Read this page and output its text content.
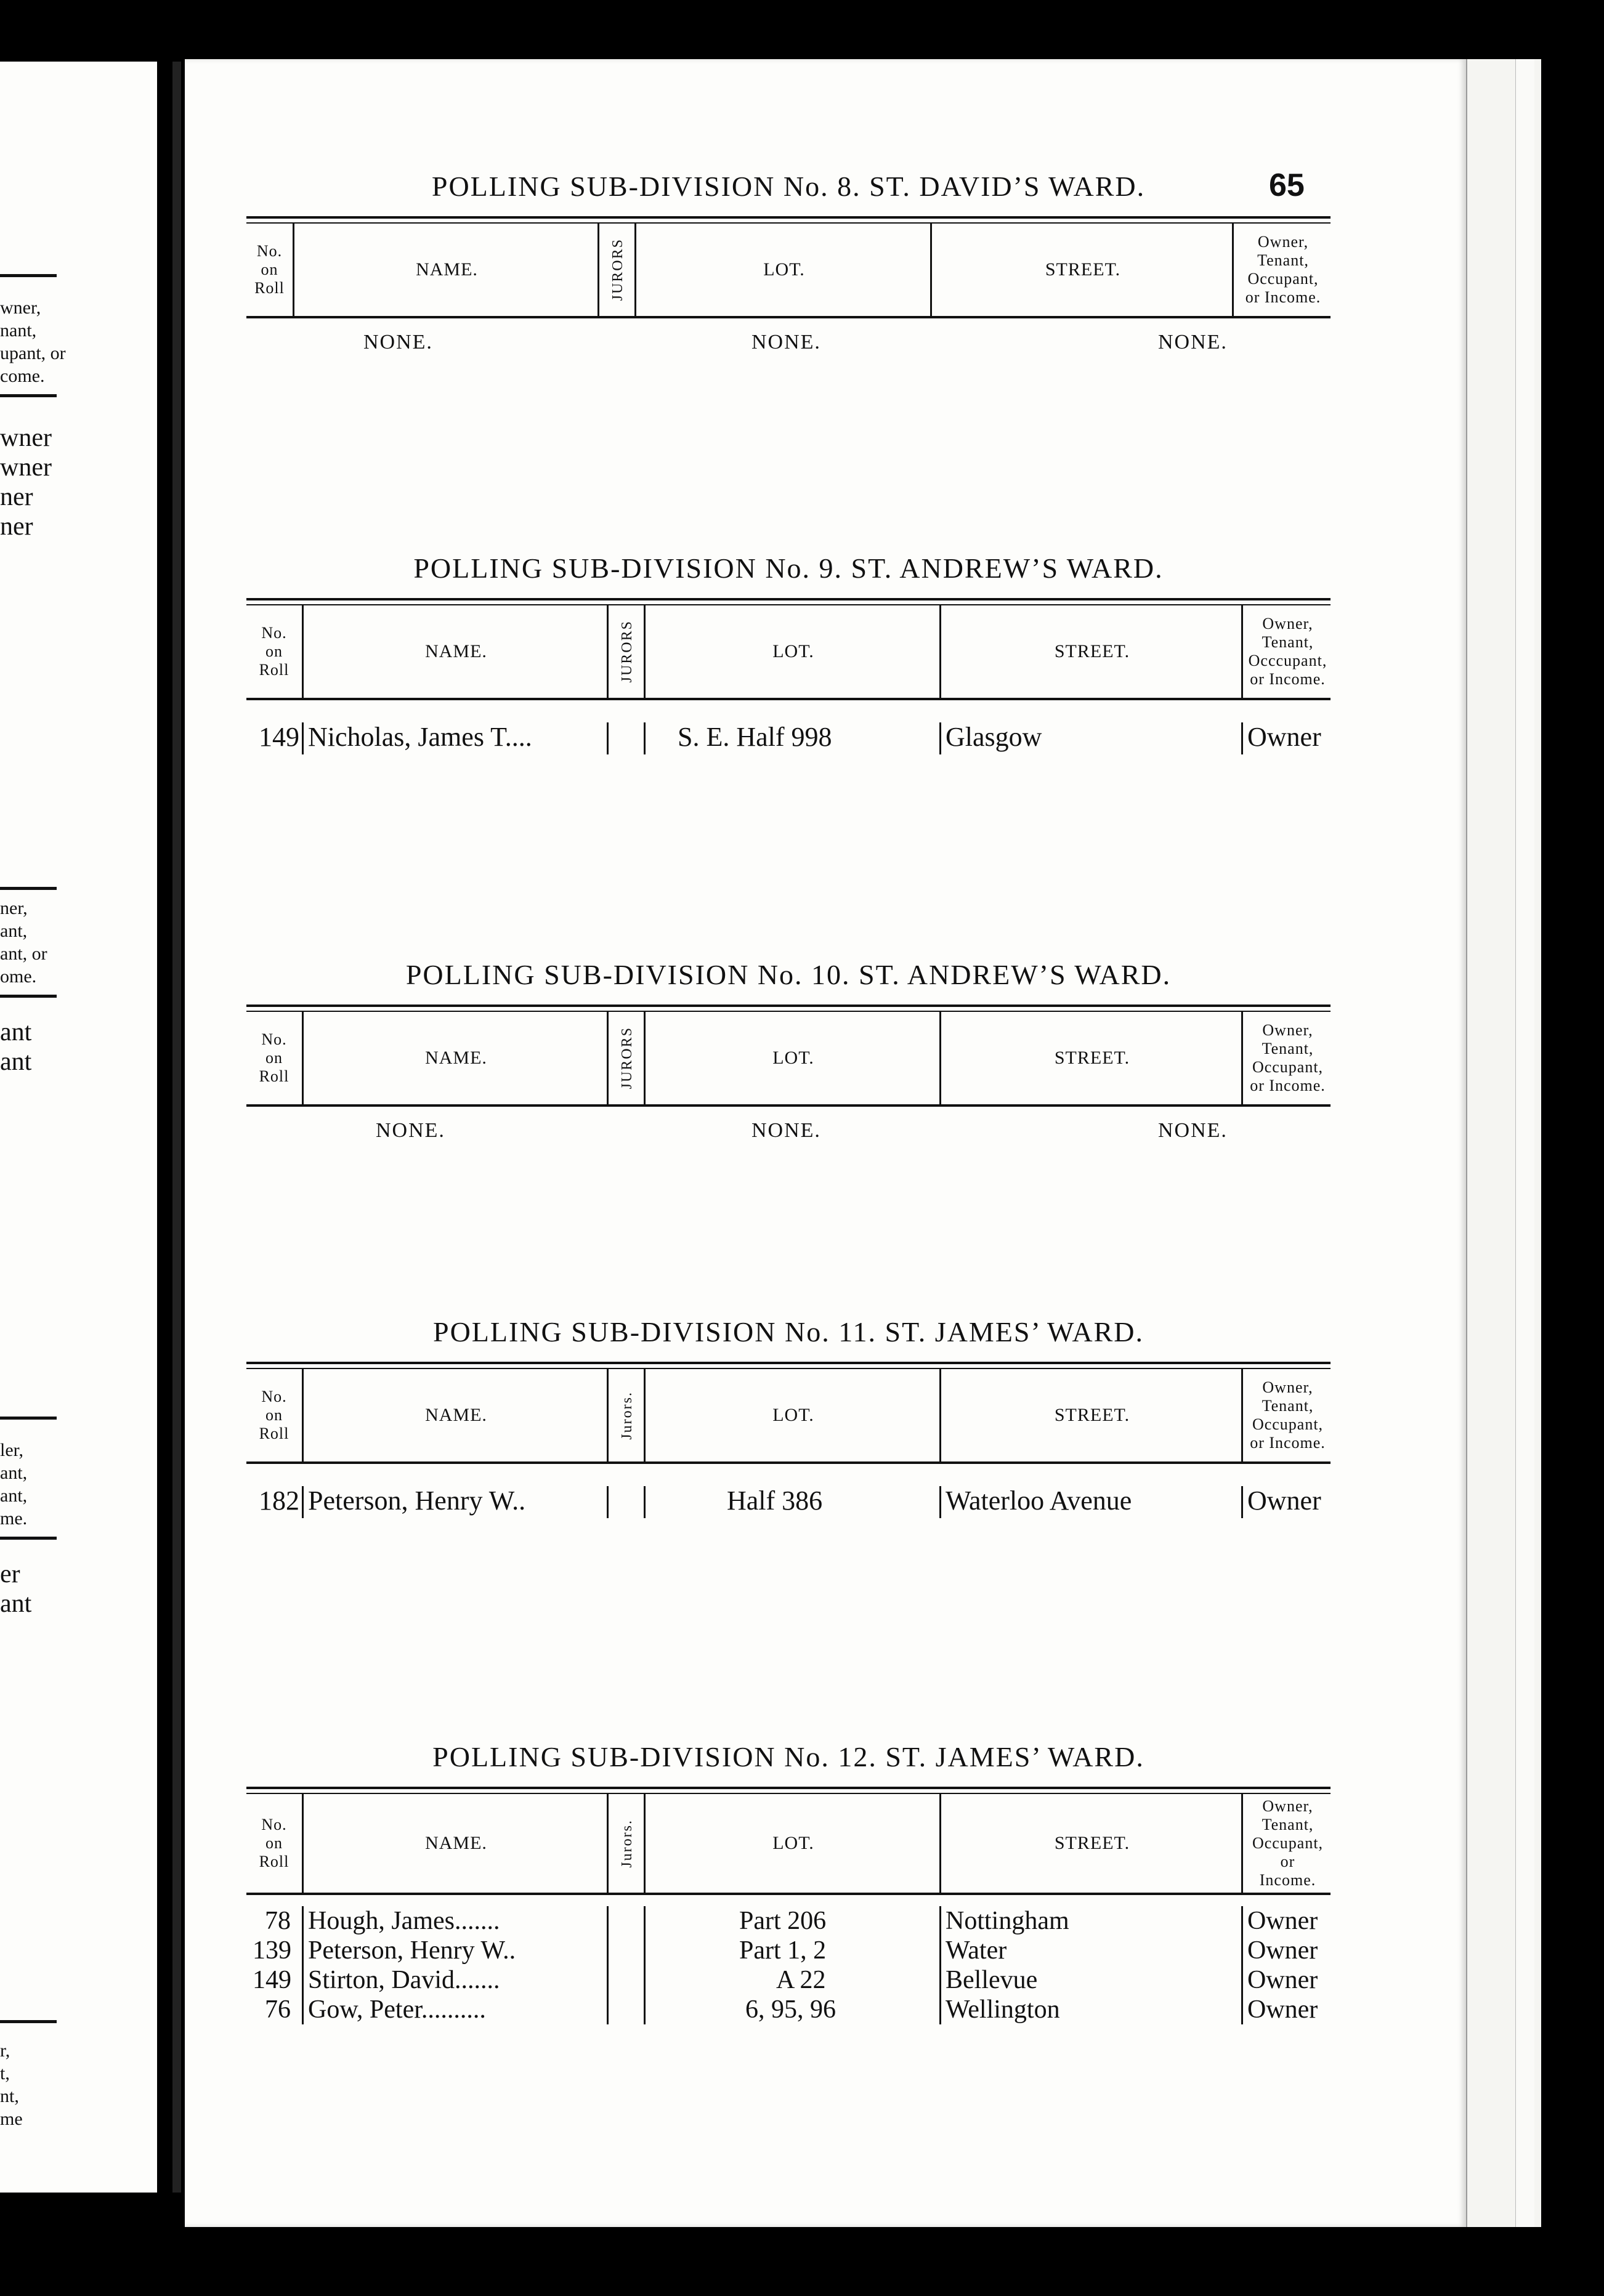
wner,
nant,
upant, or
come.
wner
wner
ner
ner
ner,
ant,
ant, or
ome.
ant
ant
ler,
ant,
ant,
me.
er
ant
r,
t,
nt,
me
65
POLLING SUB-DIVISION No. 8. ST. DAVID’S WARD.
No.
on
Roll
NAME.	JURORS	LOT.	STREET.
Owner,
Tenant,
Occupant,
or Income.
NONE.	NONE.	NONE.
POLLING SUB-DIVISION No. 9. ST. ANDREW’S WARD.
No.
on
Roll
NAME.	JURORS	LOT.	STREET.
Owner,
Tenant,
Occcupant,
or Income.
149 Nicholas, James T....	S. E. Half 998	Glasgow	Owner
POLLING SUB-DIVISION No. 10. ST. ANDREW’S WARD.
No.
on
Roll
NAME.	JURORS	LOT.	STREET.
Owner,
Tenant,
Occupant,
or Income.
NONE.	NONE.	NONE.
POLLING SUB-DIVISION No. 11. ST. JAMES’ WARD.
No.
on
Roll
NAME.	Jurors.	LOT.	STREET.
Owner,
Tenant,
Occupant,
or Income.
182 Peterson, Henry W..	Half 386	Waterloo Avenue	Owner
POLLING SUB-DIVISION No. 12. ST. JAMES’ WARD.
No.
on
Roll
NAME.	Jurors.	LOT.	STREET.
Owner,
Tenant,
Occupant, or
Income.
78 Hough, James.......	Part 206	Nottingham	Owner
139 Peterson, Henry W..	Part 1, 2	Water	Owner
149 Stirton, David.......	A 22	Bellevue	Owner
76 Gow, Peter..........	6, 95, 96	Wellington	Owner
